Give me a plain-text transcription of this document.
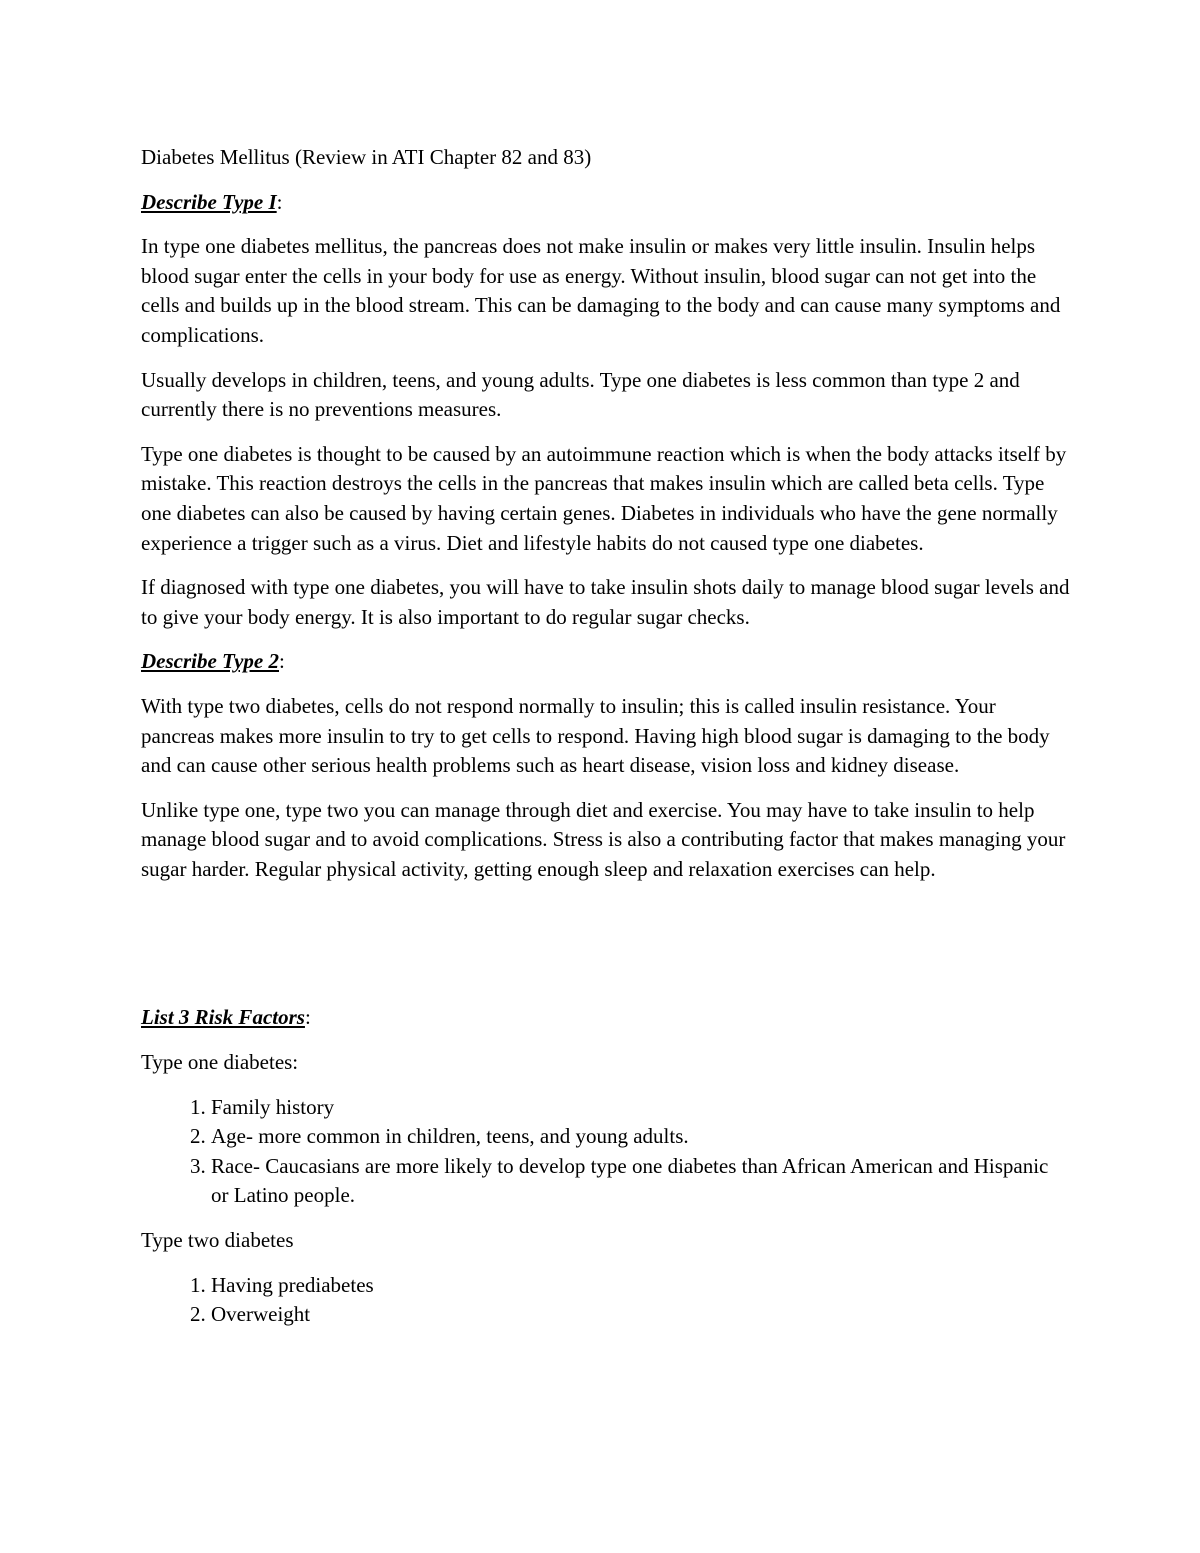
Diabetes Mellitus (Review in ATI Chapter 82 and 83)
Describe Type I:

In type one diabetes mellitus, the pancreas does not make insulin or makes very little insulin. Insulin helps blood sugar enter the cells in your body for use as energy. Without insulin, blood sugar can not get into the cells and builds up in the blood stream. This can be damaging to the body and can cause many symptoms and complications.

Usually develops in children, teens, and young adults. Type one diabetes is less common than type 2 and currently there is no preventions measures.

Type one diabetes is thought to be caused by an autoimmune reaction which is when the body attacks itself by mistake. This reaction destroys the cells in the pancreas that makes insulin which are called beta cells. Type one diabetes can also be caused by having certain genes. Diabetes in individuals who have the gene normally experience a trigger such as a virus. Diet and lifestyle habits do not caused type one diabetes.

If diagnosed with type one diabetes, you will have to take insulin shots daily to manage blood sugar levels and to give your body energy. It is also important to do regular sugar checks.

Describe Type 2:

With type two diabetes, cells do not respond normally to insulin; this is called insulin resistance. Your pancreas makes more insulin to try to get cells to respond. Having high blood sugar is damaging to the body and can cause other serious health problems such as heart disease, vision loss and kidney disease.

Unlike type one, type two you can manage through diet and exercise. You may have to take insulin to help manage blood sugar and to avoid complications. Stress is also a contributing factor that makes managing your sugar harder. Regular physical activity, getting enough sleep and relaxation exercises can help.

List 3 Risk Factors:

Type one diabetes:

1. Family history
2. Age- more common in children, teens, and young adults.
3. Race- Caucasians are more likely to develop type one diabetes than African American and Hispanic or Latino people.

Type two diabetes

1. Having prediabetes
2. Overweight
